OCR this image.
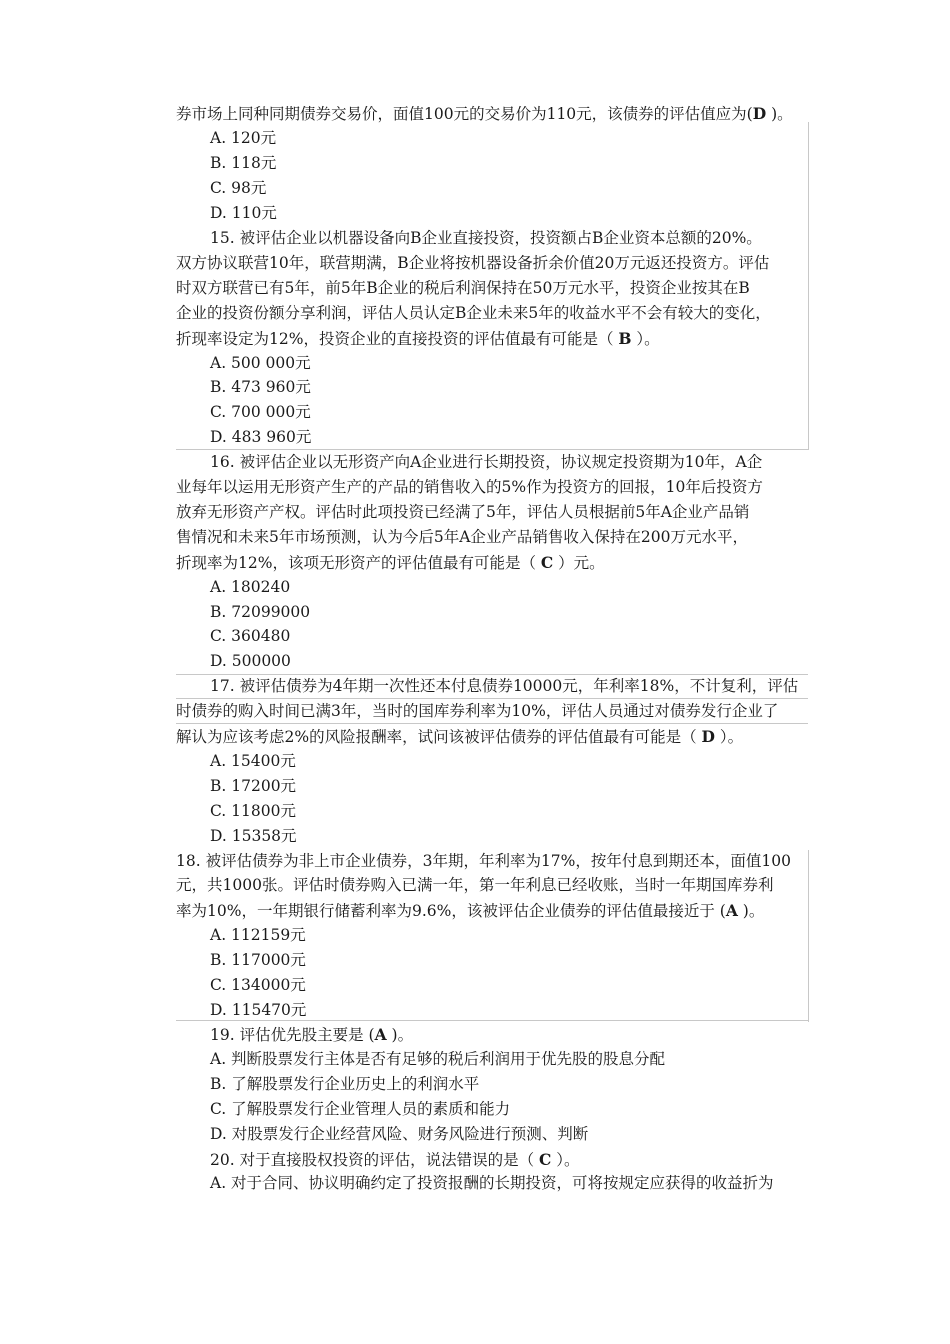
券市场上同种同期债券交易价，面值100元的交易价为110元，该债券的评估值应为(D )。
A. 120元
B. 118元
C. 98元
D. 110元
15. 被评估企业以机器设备向B企业直接投资，投资额占B企业资本总额的20%。
双方协议联营10年，联营期满，B企业将按机器设备折余价值20万元返还投资方。评估
时双方联营已有5年，前5年B企业的税后利润保持在50万元水平，投资企业按其在B
企业的投资份额分享利润，评估人员认定B企业未来5年的收益水平不会有较大的变化，
折现率设定为12%，投资企业的直接投资的评估值最有可能是（ B ）。
A. 500 000元
B. 473 960元
C. 700 000元
D. 483 960元
16. 被评估企业以无形资产向A企业进行长期投资，协议规定投资期为10年，A企
业每年以运用无形资产生产的产品的销售收入的5%作为投资方的回报，10年后投资方
放弃无形资产产权。评估时此项投资已经满了5年，评估人员根据前5年A企业产品销
售情况和未来5年市场预测，认为今后5年A企业产品销售收入保持在200万元水平，
折现率为12%，该项无形资产的评估值最有可能是（ C ）元。
A. 180240
B. 72099000
C. 360480
D. 500000
17. 被评估债券为4年期一次性还本付息债券10000元，年利率18%，不计复利，评估
时债券的购入时间已满3年，当时的国库券利率为10%，评估人员通过对债券发行企业了
解认为应该考虑2%的风险报酬率，试问该被评估债券的评估值最有可能是（ D ）。
A. 15400元
B. 17200元
C. 11800元
D. 15358元
18. 被评估债券为非上市企业债券，3年期，年利率为17%，按年付息到期还本，面值100
元，共1000张。评估时债券购入已满一年，第一年利息已经收账，当时一年期国库券利
率为10%，一年期银行储蓄利率为9.6%，该被评估企业债券的评估值最接近于 (A )。
A. 112159元
B. 117000元
C. 134000元
D. 115470元
19. 评估优先股主要是 (A )。
A. 判断股票发行主体是否有足够的税后利润用于优先股的股息分配
B. 了解股票发行企业历史上的利润水平
C. 了解股票发行企业管理人员的素质和能力
D. 对股票发行企业经营风险、财务风险进行预测、判断
20. 对于直接股权投资的评估，说法错误的是（ C ）。
A. 对于合同、协议明确约定了投资报酬的长期投资，可将按规定应获得的收益折为
